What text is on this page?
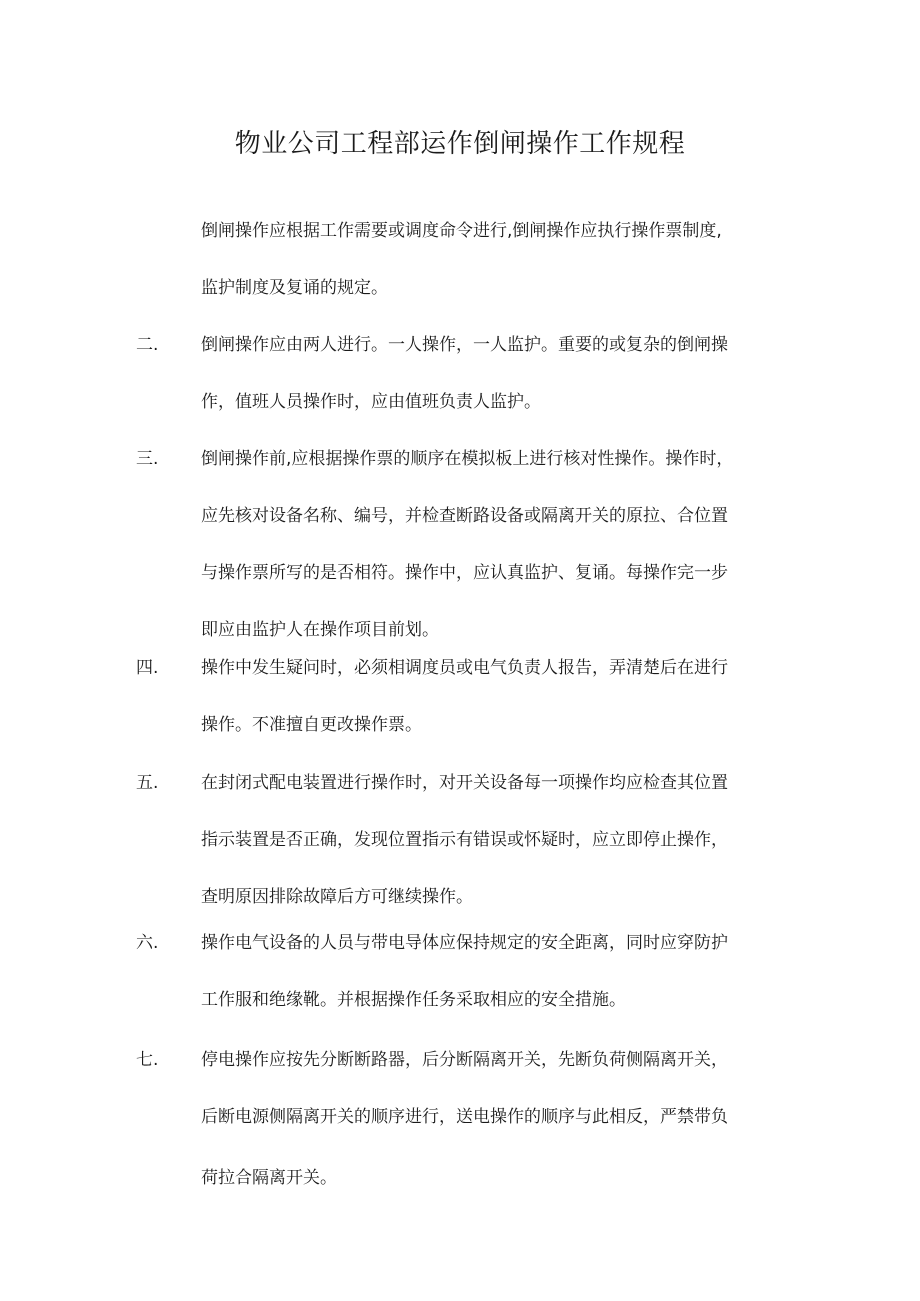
物业公司工程部运作倒闸操作工作规程
倒闸操作应根据工作需要或调度命令进行,倒闸操作应执行操作票制度,
监护制度及复诵的规定。
二.	倒闸操作应由两人进行。一人操作，一人监护。重要的或复杂的倒闸操
作，值班人员操作时，应由值班负责人监护。
三.	倒闸操作前,应根据操作票的顺序在模拟板上进行核对性操作。操作时，
应先核对设备名称、编号，并检查断路设备或隔离开关的原拉、合位置
与操作票所写的是否相符。操作中，应认真监护、复诵。每操作完一步
即应由监护人在操作项目前划。
四.	操作中发生疑问时，必须相调度员或电气负责人报告，弄清楚后在进行
操作。不准擅自更改操作票。
五.	在封闭式配电装置进行操作时，对开关设备每一项操作均应检查其位置
指示装置是否正确，发现位置指示有错误或怀疑时，应立即停止操作，
查明原因排除故障后方可继续操作。
六.	操作电气设备的人员与带电导体应保持规定的安全距离，同时应穿防护
工作服和绝缘靴。并根据操作任务采取相应的安全措施。
七.	停电操作应按先分断断路器，后分断隔离开关，先断负荷侧隔离开关，
后断电源侧隔离开关的顺序进行，送电操作的顺序与此相反，严禁带负
荷拉合隔离开关。
